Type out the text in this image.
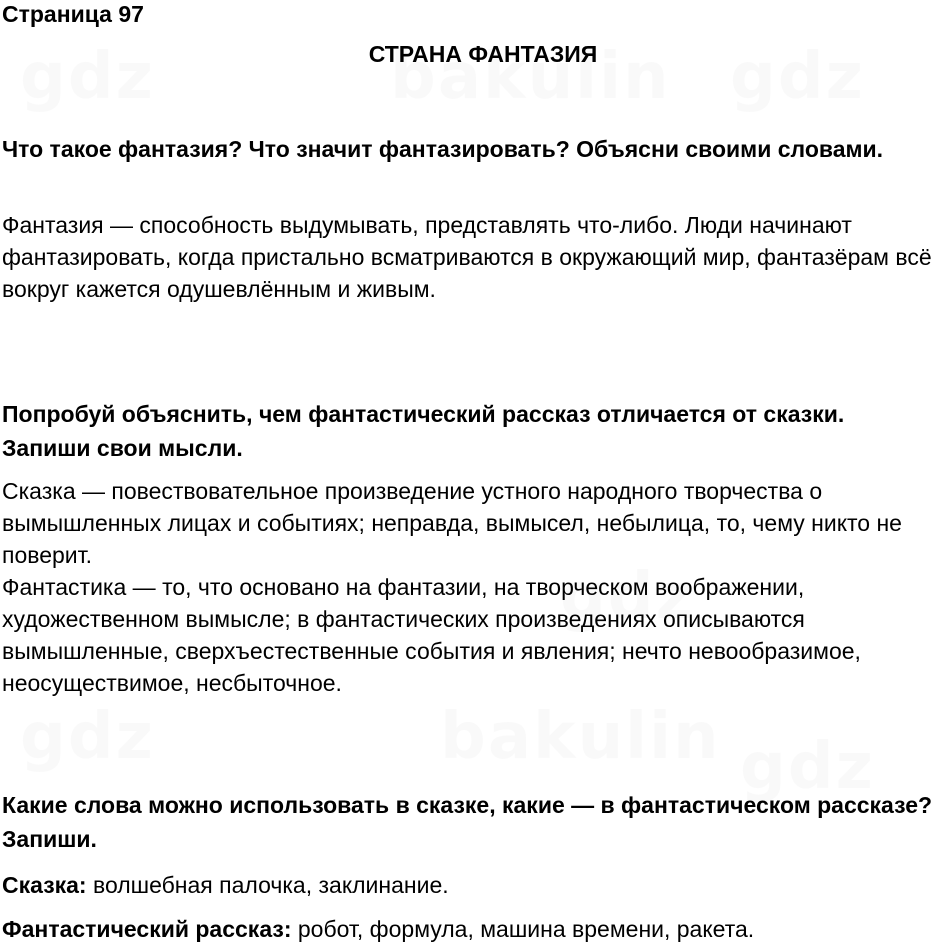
Страница 97
СТРАНА ФАНТАЗИЯ
Что такое фантазия? Что значит фантазировать? Объясни своими словами.

Фантазия — способность выдумывать, представлять что-либо. Люди начинают фантазировать, когда пристально всматриваются в окружающий мир, фантазёрам всё вокруг кажется одушевлённым и живым.

Попробуй объяснить, чем фантастический рассказ отличается от сказки. Запиши свои мысли.

Сказка — повествовательное произведение устного народного творчества о вымышленных лицах и событиях; неправда, вымысел, небылица, то, чему никто не поверит.

Фантастика — то, что основано на фантазии, на творческом воображении, художественном вымысле; в фантастических произведениях описываются вымышленные, сверхъестественные события и явления; нечто невообразимое, неосуществимое, несбыточное.

Какие слова можно использовать в сказке, какие — в фантастическом рассказе? Запиши.
Сказка: волшебная палочка, заклинание.
Фантастический рассказ: робот, формула, машина времени, ракета.
